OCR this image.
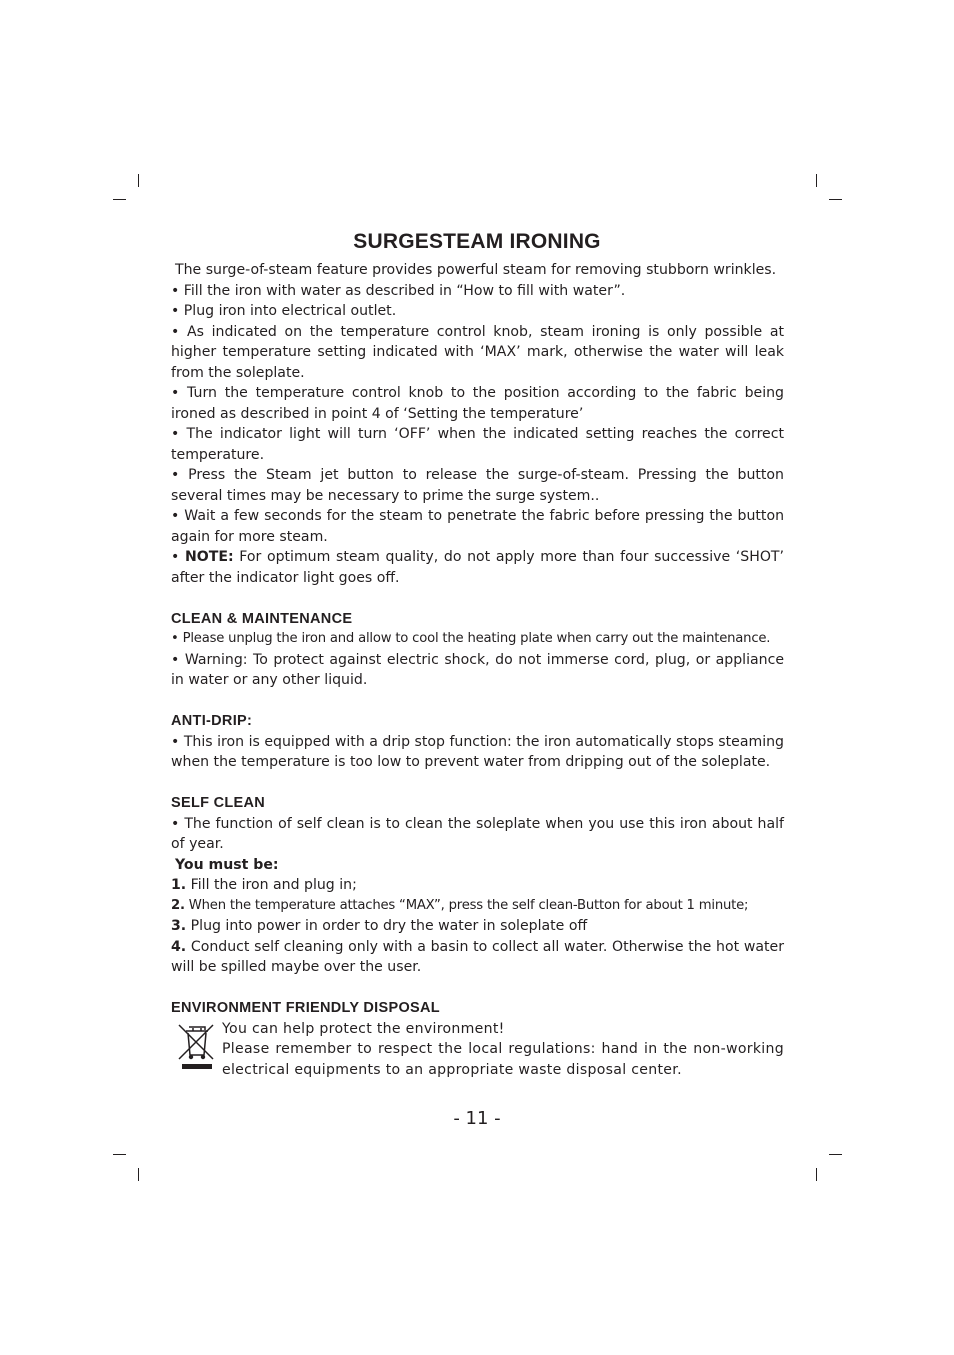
SURGESTEAM IRONING

The surge-of-steam feature provides powerful steam for removing stubborn wrinkles.

• Fill the iron with water as described in “How to fill with water”.

• Plug iron into electrical outlet.

• As indicated on the temperature control knob, steam ironing is only possible at higher temperature setting indicated with ‘MAX’ mark, otherwise the water will leak from the soleplate.

• Turn the temperature control knob to the position according to the fabric being ironed as described in point 4 of ‘Setting the temperature’

• The indicator light will turn ‘OFF’ when the indicated setting reaches the correct temperature.

• Press the Steam jet button to release the surge-of-steam. Pressing the button several times may be necessary to prime the surge system..

• Wait a few seconds for the steam to penetrate the fabric before pressing the button again for more steam.

• NOTE: For optimum steam quality, do not apply more than four successive ‘SHOT’ after the indicator light goes off.

CLEAN & MAINTENANCE

• Please unplug the iron and allow to cool the heating plate when carry out the maintenance.

• Warning: To protect against electric shock, do not immerse cord, plug, or appliance in water or any other liquid.

ANTI-DRIP:

• This iron is equipped with a drip stop function: the iron automatically stops steaming when the temperature is too low to prevent water from dripping out of the soleplate.

SELF CLEAN

• The function of self clean is to clean the soleplate when you use this iron about half of year.

You must be:

1. Fill the iron and plug in;

2. When the temperature attaches “MAX”, press the self clean-Button for about 1 minute;

3. Plug into power in order to dry the water in soleplate off

4. Conduct self cleaning only with a basin to collect all water. Otherwise the hot water will be spilled maybe over the user.

ENVIRONMENT FRIENDLY DISPOSAL

You can help protect the environment!

Please remember to respect the local regulations: hand in the non-working electrical equipments to an appropriate waste disposal center.

- 11 -
